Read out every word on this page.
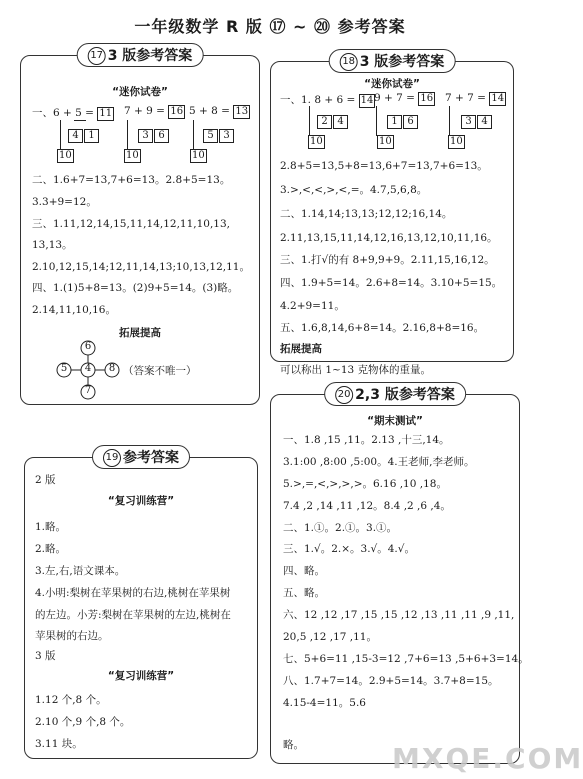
一年级数学 R 版 ⑰ ~ ⑳ 参考答案
17 3 版参考答案
“迷你试卷”
一、6 + 5 = 11 7 + 9 = 16 5 + 8 = 13
4 1
10
3 6
10
5 3
10
二、1.6+7=13,7+6=13。2.8+5=13。
3.3+9=12。
三、1.11,12,14,15,11,14,12,11,10,13,
13,13。
2.10,12,15,14;12,11,14,13;10,13,12,11。
四、1.(1)5+8=13。(2)9+5=14。(3)略。
2.14,11,10,16。
拓展提高
6
5 4 8
7
（答案不唯一）
18 3 版参考答案
“迷你试卷”
一、1. 8 + 6 = 14 9 + 7 = 16 7 + 7 = 14
2 4
10
1 6
10
3 4
10
2.8+5=13,5+8=13,6+7=13,7+6=13。
3.>,<,<,>,<,=。4.7,5,6,8。
二、1.14,14;13,13;12,12;16,14。
2.11,13,15,11,14,12,16,13,12,10,11,16。
三、1.打√的有 8+9,9+9。2.11,15,16,12。
四、1.9+5=14。2.6+8=14。3.10+5=15。
4.2+9=11。
五、1.6,8,14,6+8=14。2.16,8+8=16。
拓展提高
可以称出 1~13 克物体的重量。
19 参考答案
2 版
“复习训练营”
1.略。
2.略。
3.左,右,语文课本。
4.小明:梨树在苹果树的右边,桃树在苹果树
的左边。小芳:梨树在苹果树的左边,桃树在
苹果树的右边。
3 版
“复习训练营”
1.12 个,8 个。
2.10 个,9 个,8 个。
3.11 块。
20 2,3 版参考答案
“期末测试”
一、1.8 ,15 ,11。2.13 ,十三,14。
3.1:00 ,8:00 ,5:00。4.王老师,李老师。
5.>,=,<,>,>,>。6.16 ,10 ,18。
7.4 ,2 ,14 ,11 ,12。8.4 ,2 ,6 ,4。
二、1.①。2.①。3.①。
三、1.√。2.×。3.√。4.√。
四、略。
五、略。
六、12 ,12 ,17 ,15 ,15 ,12 ,13 ,11 ,11 ,9 ,11,
20,5 ,12 ,17 ,11。
七、5+6=11 ,15-3=12 ,7+6=13 ,5+6+3=14。
八、1.7+7=14。2.9+5=14。3.7+8=15。
4.15-4=11。5.6
略。	MXQE.COM
